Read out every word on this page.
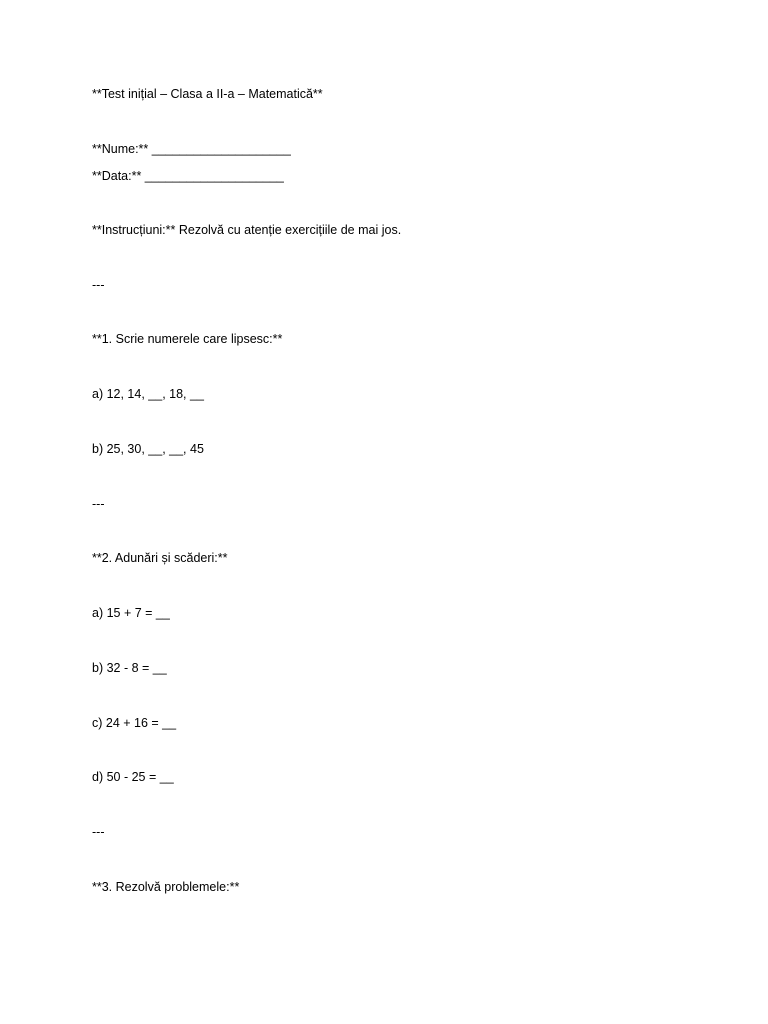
**Test inițial – Clasa a II-a – Matematică**
**Nume:** ____________________
**Data:** ____________________
**Instrucțiuni:** Rezolvă cu atenție exercițiile de mai jos.
---
**1. Scrie numerele care lipsesc:**
a) 12, 14, __, 18, __
b) 25, 30, __, __, 45
---
**2. Adunări și scăderi:**
a) 15 + 7 = __
b) 32 - 8 = __
c) 24 + 16 = __
d) 50 - 25 = __
---
**3. Rezolvă problemele:**
